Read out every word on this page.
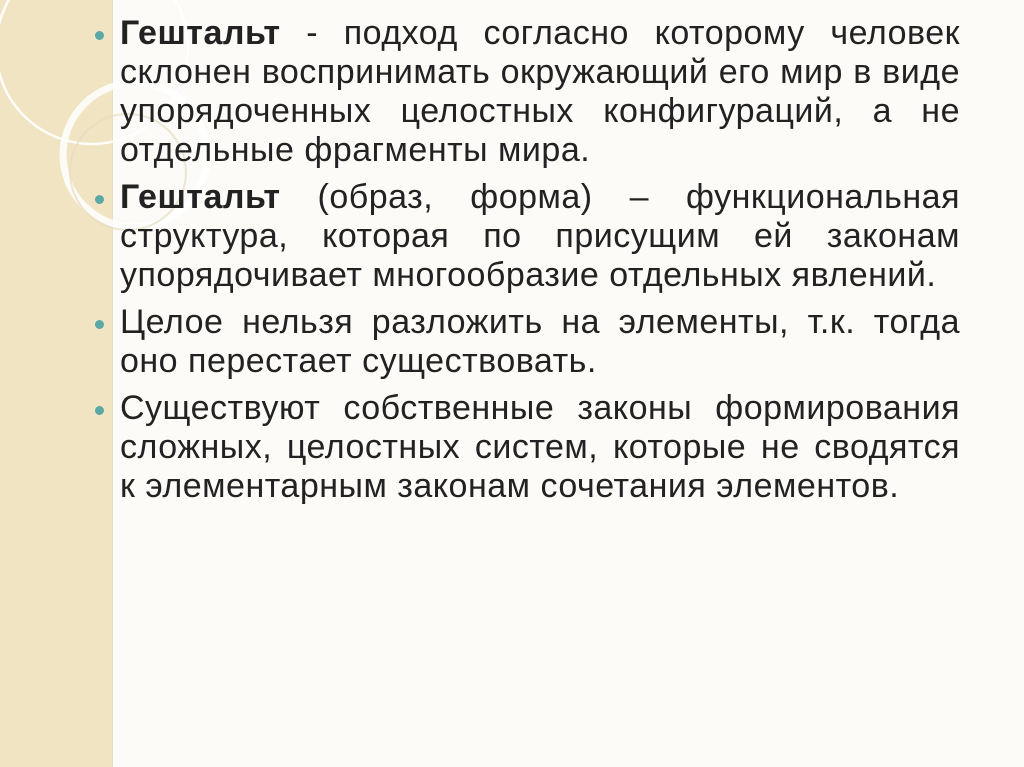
Гештальт - подход согласно которому человек склонен воспринимать окружающий его мир в виде упорядоченных целостных конфигураций, а не отдельные фрагменты мира.
Гештальт (образ, форма) – функциональная структура, которая по присущим ей законам упорядочивает многообразие отдельных явлений.
Целое нельзя разложить на элементы, т.к. тогда оно перестает существовать.
Существуют собственные законы формирования сложных, целостных систем, которые не сводятся к элементарным законам сочетания элементов.
